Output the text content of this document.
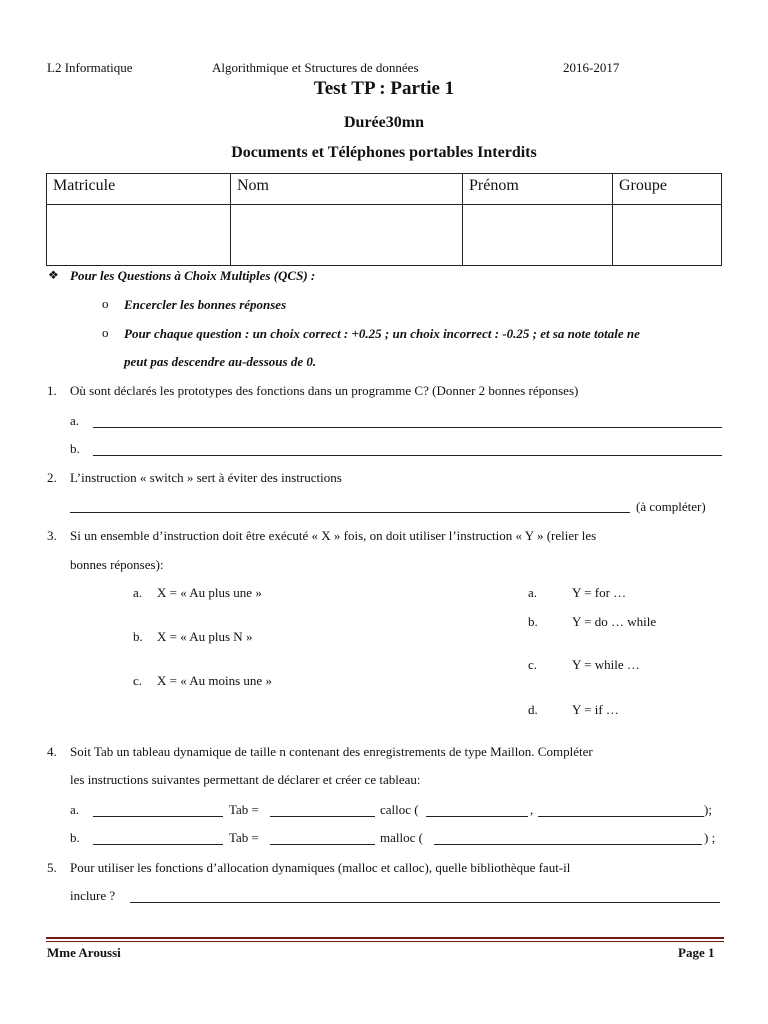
L2 Informatique	Algorithmique et Structures de données	2016-2017
Test TP : Partie 1
Durée30mn
Documents et Téléphones portables Interdits
Matricule	Nom	Prénom	Groupe

❖ Pour les Questions à Choix Multiples (QCS) :
o Encercler les bonnes réponses
o Pour chaque question : un choix correct : +0.25 ; un choix incorrect : -0.25 ; et sa note totale ne
peut pas descendre au-dessous de 0.
1. Où sont déclarés les prototypes des fonctions dans un programme C? (Donner 2 bonnes réponses)
a.
b.
2. L’instruction « switch » sert à éviter des instructions
(à compléter)
3. Si un ensemble d’instruction doit être exécuté « X » fois, on doit utiliser l’instruction « Y » (relier les
bonnes réponses):
a. X = « Au plus une »
b. X = « Au plus N »
c. X = « Au moins une »
a.	Y = for …
b.	Y = do … while
c.	Y = while …
d.	Y = if …
4. Soit Tab un tableau dynamique de taille n contenant des enregistrements de type Maillon. Compléter
les instructions suivantes permettant de déclarer et créer ce tableau:
a.	Tab =	calloc (	,	);
b.	Tab =	malloc (	) ;
5. Pour utiliser les fonctions d’allocation dynamiques (malloc et calloc), quelle bibliothèque faut-il
inclure ?
Mme Aroussi	Page 1
